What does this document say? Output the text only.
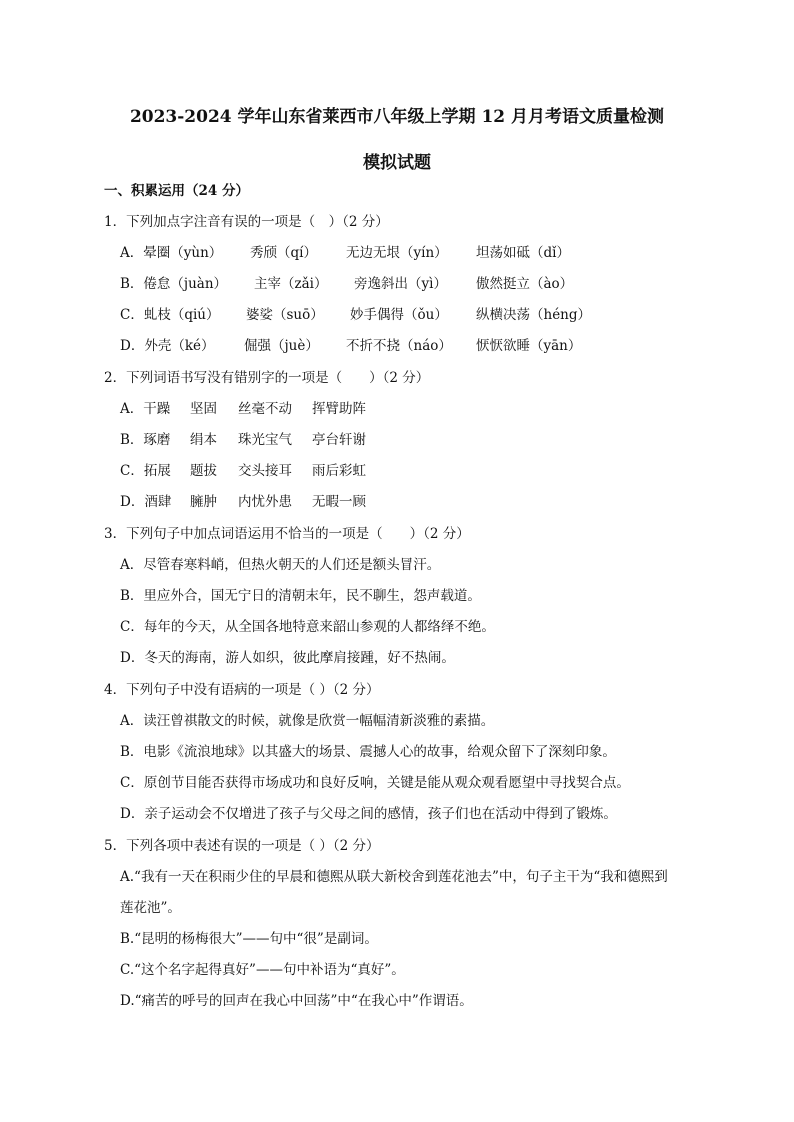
2023-2024 学年山东省莱西市八年级上学期 12 月月考语文质量检测
模拟试题
一、积累运用（24 分）
1．下列加点字注音有误的一项是（　）（2 分）
A．晕圈（yùn） 秀颀（qí） 无边无垠（yín） 坦荡如砥（dǐ）
B．倦怠（juàn） 主宰（zǎi） 旁逸斜出（yì） 傲然挺立（ào）
C．虬枝（qiú） 婆娑（suō） 妙手偶得（ǒu） 纵横决荡（héng）
D．外壳（ké） 倔强（juè） 不折不挠（náo） 恹恹欲睡（yān）
2．下列词语书写没有错别字的一项是（　　）（2 分）
A．干躁 坚固 丝毫不动 挥臂助阵
B．琢磨 绢本 珠光宝气 亭台轩谢
C．拓展 题拔 交头接耳 雨后彩虹
D．酒肆 臃肿 内忧外患 无暇一顾
3．下列句子中加点词语运用不恰当的一项是（　　）（2 分）
A．尽管春寒料峭，但热火朝天的人们还是额头冒汗。
B．里应外合，国无宁日的清朝末年，民不聊生，怨声载道。
C．每年的今天，从全国各地特意来韶山参观的人都络绎不绝。
D．冬天的海南，游人如织，彼此摩肩接踵，好不热闹。
4．下列句子中没有语病的一项是（ ）（2 分）
A．读汪曾祺散文的时候，就像是欣赏一幅幅清新淡雅的素描。
B．电影《流浪地球》以其盛大的场景、震撼人心的故事，给观众留下了深刻印象。
C．原创节目能否获得市场成功和良好反响，关键是能从观众观看愿望中寻找契合点。
D．亲子运动会不仅增进了孩子与父母之间的感情，孩子们也在活动中得到了锻炼。
5．下列各项中表述有误的一项是（ ）（2 分）
A.“我有一天在积雨少住的早晨和德熙从联大新校舍到莲花池去”中，句子主干为“我和德熙到
莲花池”。
B.“昆明的杨梅很大”——句中“很”是副词。
C.“这个名字起得真好”——句中补语为“真好”。
D.“痛苦的呼号的回声在我心中回荡”中“在我心中”作谓语。
